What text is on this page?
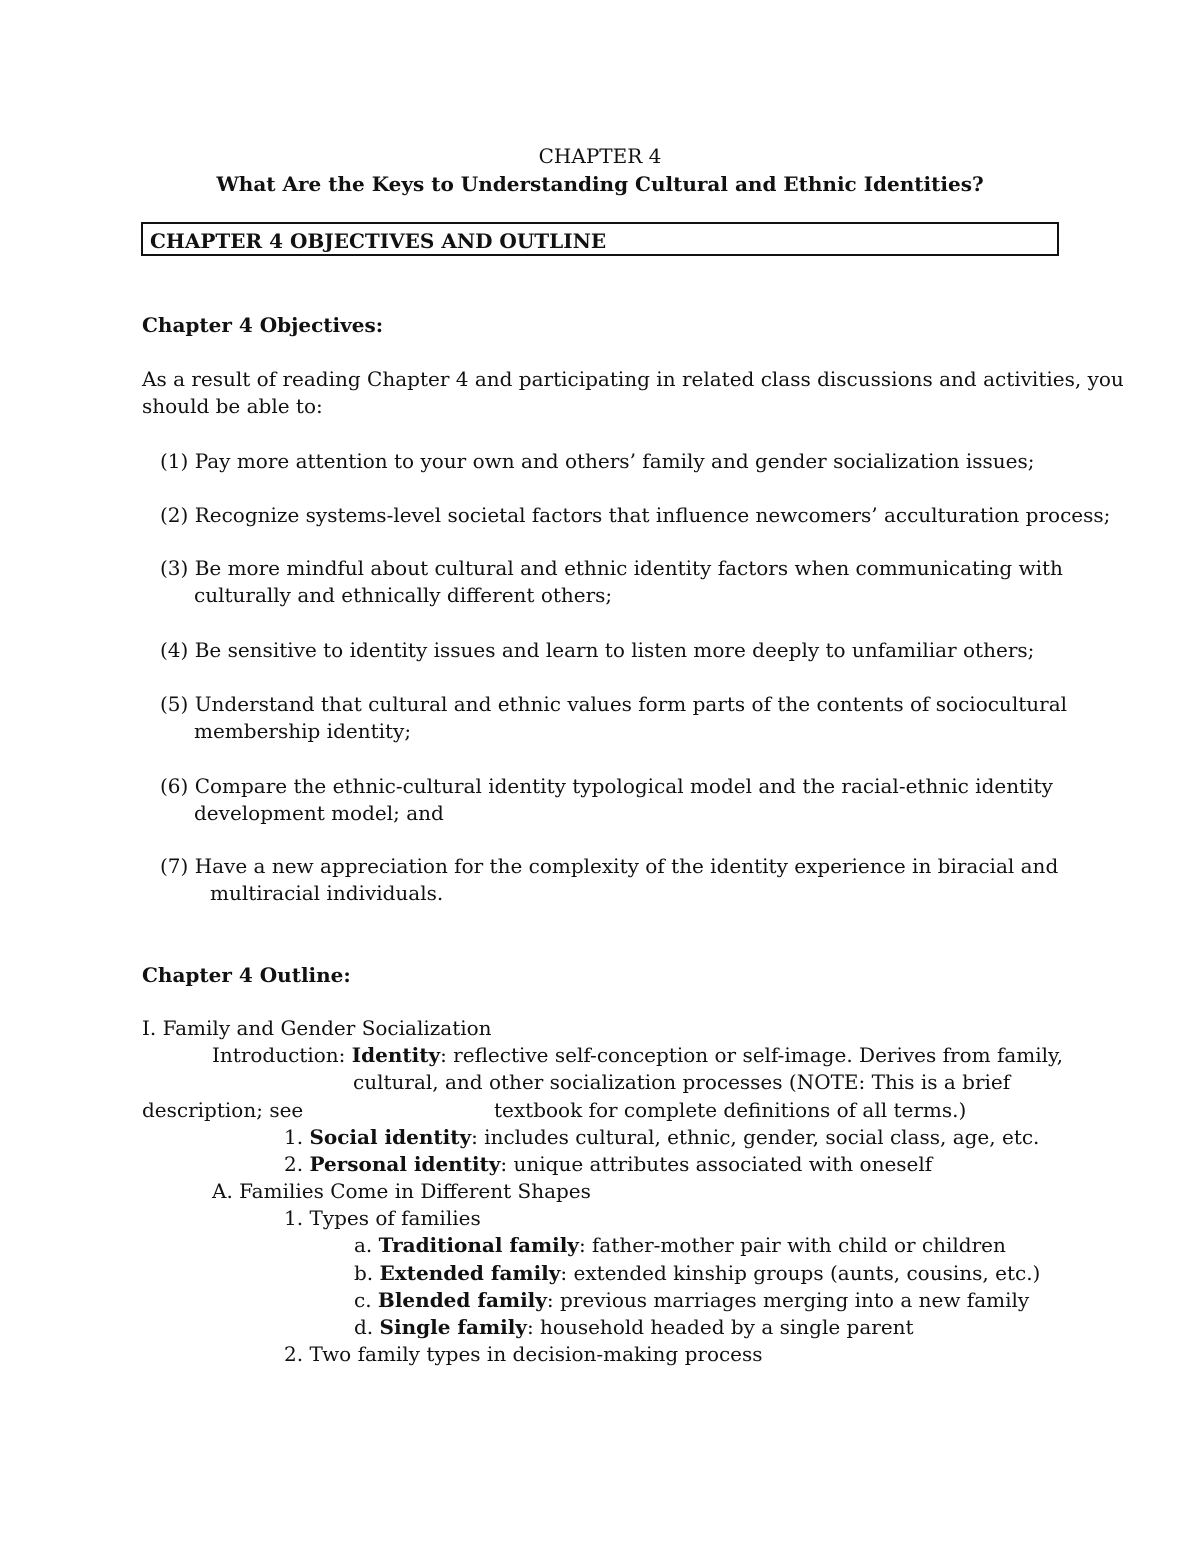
CHAPTER 4
What Are the Keys to Understanding Cultural and Ethnic Identities?
CHAPTER 4 OBJECTIVES AND OUTLINE
Chapter 4 Objectives:
As a result of reading Chapter 4 and participating in related class discussions and activities, you
should be able to:
(1) Pay more attention to your own and others’ family and gender socialization issues;
(2) Recognize systems-level societal factors that influence newcomers’ acculturation process;
(3) Be more mindful about cultural and ethnic identity factors when communicating with
culturally and ethnically different others;
(4) Be sensitive to identity issues and learn to listen more deeply to unfamiliar others;
(5) Understand that cultural and ethnic values form parts of the contents of sociocultural
membership identity;
(6) Compare the ethnic-cultural identity typological model and the racial-ethnic identity
development model; and
(7) Have a new appreciation for the complexity of the identity experience in biracial and
multiracial individuals.
Chapter 4 Outline:
I. Family and Gender Socialization
Introduction: Identity: reflective self-conception or self-image. Derives from family,
cultural, and other socialization processes (NOTE: This is a brief
description; see	textbook for complete definitions of all terms.)
1. Social identity: includes cultural, ethnic, gender, social class, age, etc.
2. Personal identity: unique attributes associated with oneself
A. Families Come in Different Shapes
1. Types of families
a. Traditional family: father-mother pair with child or children
b. Extended family: extended kinship groups (aunts, cousins, etc.)
c. Blended family: previous marriages merging into a new family
d. Single family: household headed by a single parent
2. Two family types in decision-making process
